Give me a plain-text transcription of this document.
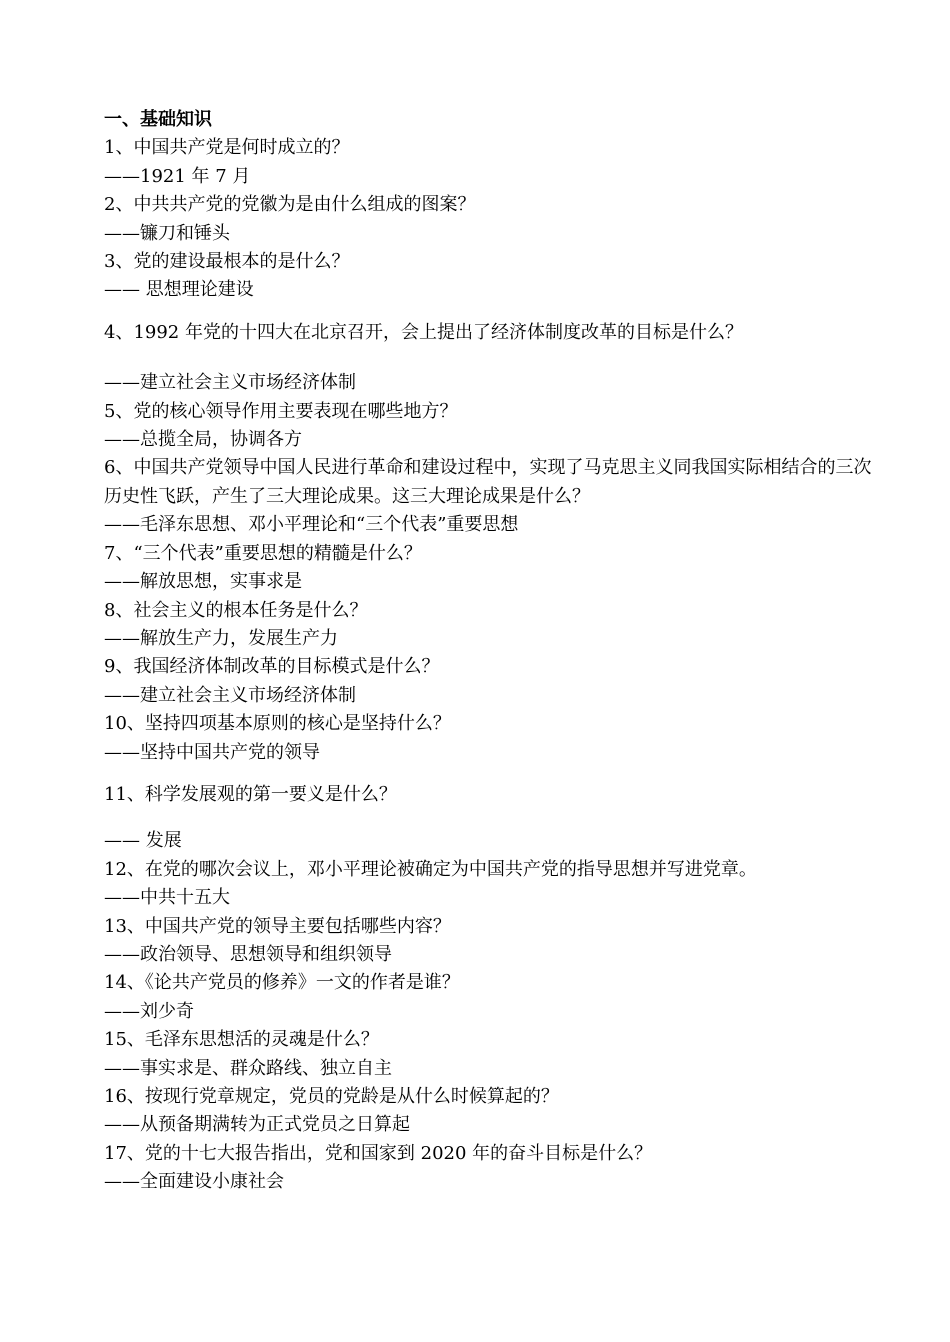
一、基础知识
1、中国共产党是何时成立的？
——1921 年 7 月
2、中共共产党的党徽为是由什么组成的图案？
——镰刀和锤头
3、党的建设最根本的是什么？
—— 思想理论建设
4、1992 年党的十四大在北京召开，会上提出了经济体制度改革的目标是什么？
——建立社会主义市场经济体制
5、党的核心领导作用主要表现在哪些地方？
——总揽全局，协调各方
6、中国共产党领导中国人民进行革命和建设过程中，实现了马克思主义同我国实际相结合的三次历史性飞跃，产生了三大理论成果。这三大理论成果是什么？
——毛泽东思想、邓小平理论和“三个代表”重要思想
7、“三个代表”重要思想的精髓是什么？
——解放思想，实事求是
8、社会主义的根本任务是什么？
——解放生产力，发展生产力
9、我国经济体制改革的目标模式是什么？
——建立社会主义市场经济体制
10、坚持四项基本原则的核心是坚持什么？
——坚持中国共产党的领导
11、科学发展观的第一要义是什么？
—— 发展
12、在党的哪次会议上，邓小平理论被确定为中国共产党的指导思想并写进党章。
——中共十五大
13、中国共产党的领导主要包括哪些内容？
——政治领导、思想领导和组织领导
14、《论共产党员的修养》一文的作者是谁？
——刘少奇
15、毛泽东思想活的灵魂是什么？
——事实求是、群众路线、独立自主
16、按现行党章规定，党员的党龄是从什么时候算起的？
——从预备期满转为正式党员之日算起
17、党的十七大报告指出，党和国家到 2020 年的奋斗目标是什么？
——全面建设小康社会
